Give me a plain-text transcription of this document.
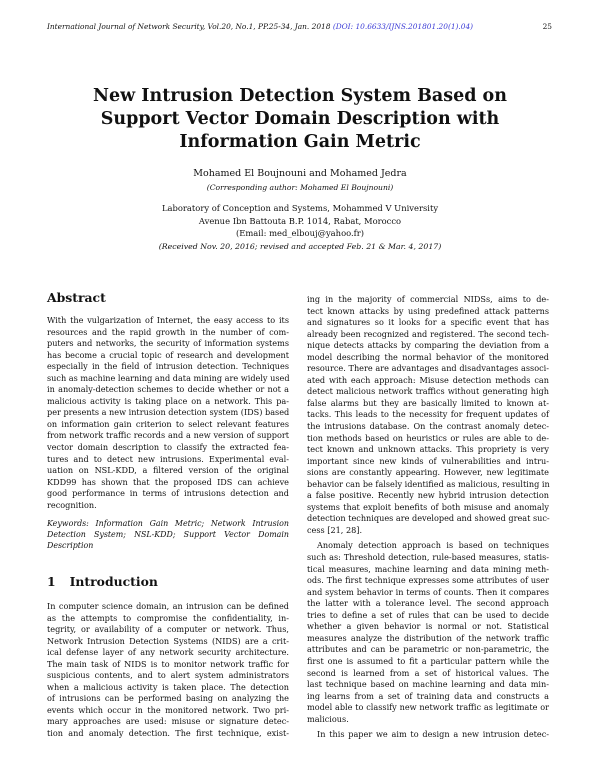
International Journal of Network Security, Vol.20, No.1, PP.25-34, Jan. 2018 (DOI: 10.6633/IJNS.201801.20(1).04)	25
New Intrusion Detection System Based on
Support Vector Domain Description with
Information Gain Metric
Mohamed El Boujnouni and Mohamed Jedra
(Corresponding author: Mohamed El Boujnouni)
Laboratory of Conception and Systems, Mohammed V University
Avenue Ibn Battouta B.P. 1014, Rabat, Morocco
(Email: med_elbouj@yahoo.fr)
(Received Nov. 20, 2016; revised and accepted Feb. 21 & Mar. 4, 2017)
Abstract
With the vulgarization of Internet, the easy access to its
resources and the rapid growth in the number of com-
puters and networks, the security of information systems
has become a crucial topic of research and development
especially in the field of intrusion detection. Techniques
such as machine learning and data mining are widely used
in anomaly-detection schemes to decide whether or not a
malicious activity is taking place on a network. This pa-
per presents a new intrusion detection system (IDS) based
on information gain criterion to select relevant features
from network traffic records and a new version of support
vector domain description to classify the extracted fea-
tures and to detect new intrusions. Experimental eval-
uation on NSL-KDD, a filtered version of the original
KDD99 has shown that the proposed IDS can achieve
good performance in terms of intrusions detection and
recognition.
Keywords: Information Gain Metric; Network Intrusion
Detection System; NSL-KDD; Support Vector Domain
Description
1 Introduction
In computer science domain, an intrusion can be defined
as the attempts to compromise the confidentiality, in-
tegrity, or availability of a computer or network. Thus,
Network Intrusion Detection Systems (NIDS) are a crit-
ical defense layer of any network security architecture.
The main task of NIDS is to monitor network traffic for
suspicious contents, and to alert system administrators
when a malicious activity is taken place. The detection
of intrusions can be performed basing on analyzing the
events which occur in the monitored network. Two pri-
mary approaches are used: misuse or signature detec-
tion and anomaly detection. The first technique, exist-
ing in the majority of commercial NIDSs, aims to de-
tect known attacks by using predefined attack patterns
and signatures so it looks for a specific event that has
already been recognized and registered. The second tech-
nique detects attacks by comparing the deviation from a
model describing the normal behavior of the monitored
resource. There are advantages and disadvantages associ-
ated with each approach: Misuse detection methods can
detect malicious network traffics without generating high
false alarms but they are basically limited to known at-
tacks. This leads to the necessity for frequent updates of
the intrusions database. On the contrast anomaly detec-
tion methods based on heuristics or rules are able to de-
tect known and unknown attacks. This propriety is very
important since new kinds of vulnerabilities and intru-
sions are constantly appearing. However, new legitimate
behavior can be falsely identified as malicious, resulting in
a false positive. Recently new hybrid intrusion detection
systems that exploit benefits of both misuse and anomaly
detection techniques are developed and showed great suc-
cess [21, 28].
Anomaly detection approach is based on techniques
such as: Threshold detection, rule-based measures, statis-
tical measures, machine learning and data mining meth-
ods. The first technique expresses some attributes of user
and system behavior in terms of counts. Then it compares
the latter with a tolerance level. The second approach
tries to define a set of rules that can be used to decide
whether a given behavior is normal or not. Statistical
measures analyze the distribution of the network traffic
attributes and can be parametric or non-parametric, the
first one is assumed to fit a particular pattern while the
second is learned from a set of historical values. The
last technique based on machine learning and data min-
ing learns from a set of training data and constructs a
model able to classify new network traffic as legitimate or
malicious.
In this paper we aim to design a new intrusion detec-
